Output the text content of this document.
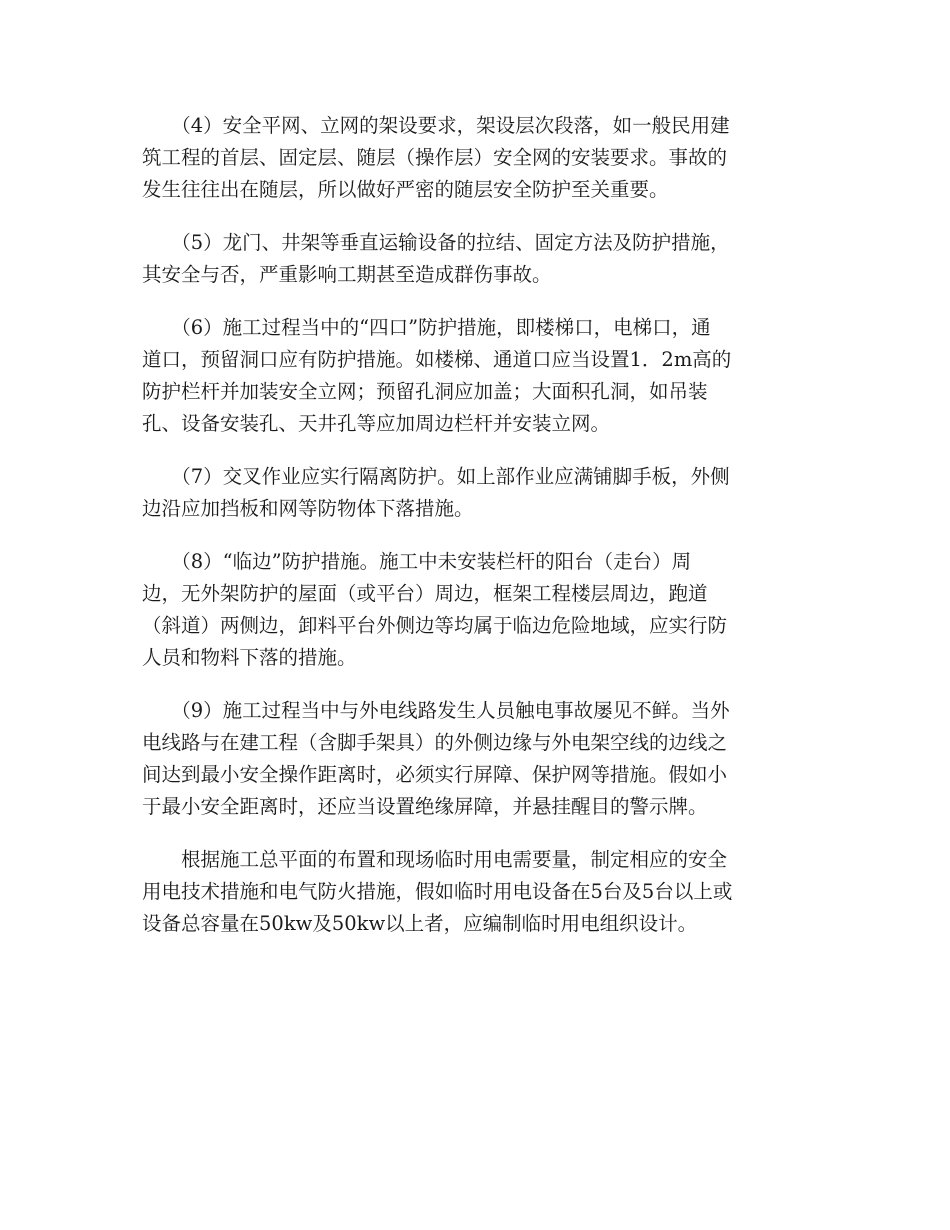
　　（4）安全平网、立网的架设要求，架设层次段落，如一般民用建
筑工程的首层、固定层、随层（操作层）安全网的安装要求。事故的
发生往往出在随层，所以做好严密的随层安全防护至关重要。
　　（5）龙门、井架等垂直运输设备的拉结、固定方法及防护措施，
其安全与否，严重影响工期甚至造成群伤事故。
　　（6）施工过程当中的“四口”防护措施，即楼梯口，电梯口，通
道口，预留洞口应有防护措施。如楼梯、通道口应当设置1．2m高的
防护栏杆并加装安全立网；预留孔洞应加盖；大面积孔洞，如吊装
孔、设备安装孔、天井孔等应加周边栏杆并安装立网。
　　（7）交叉作业应实行隔离防护。如上部作业应满铺脚手板，外侧
边沿应加挡板和网等防物体下落措施。
　　（8）“临边”防护措施。施工中未安装栏杆的阳台（走台）周
边，无外架防护的屋面（或平台）周边，框架工程楼层周边，跑道
（斜道）两侧边，卸料平台外侧边等均属于临边危险地域，应实行防
人员和物料下落的措施。
　　（9）施工过程当中与外电线路发生人员触电事故屡见不鲜。当外
电线路与在建工程（含脚手架具）的外侧边缘与外电架空线的边线之
间达到最小安全操作距离时，必须实行屏障、保护网等措施。假如小
于最小安全距离时，还应当设置绝缘屏障，并悬挂醒目的警示牌。
　　根据施工总平面的布置和现场临时用电需要量，制定相应的安全
用电技术措施和电气防火措施，假如临时用电设备在5台及5台以上或
设备总容量在50kw及50kw以上者，应编制临时用电组织设计。
